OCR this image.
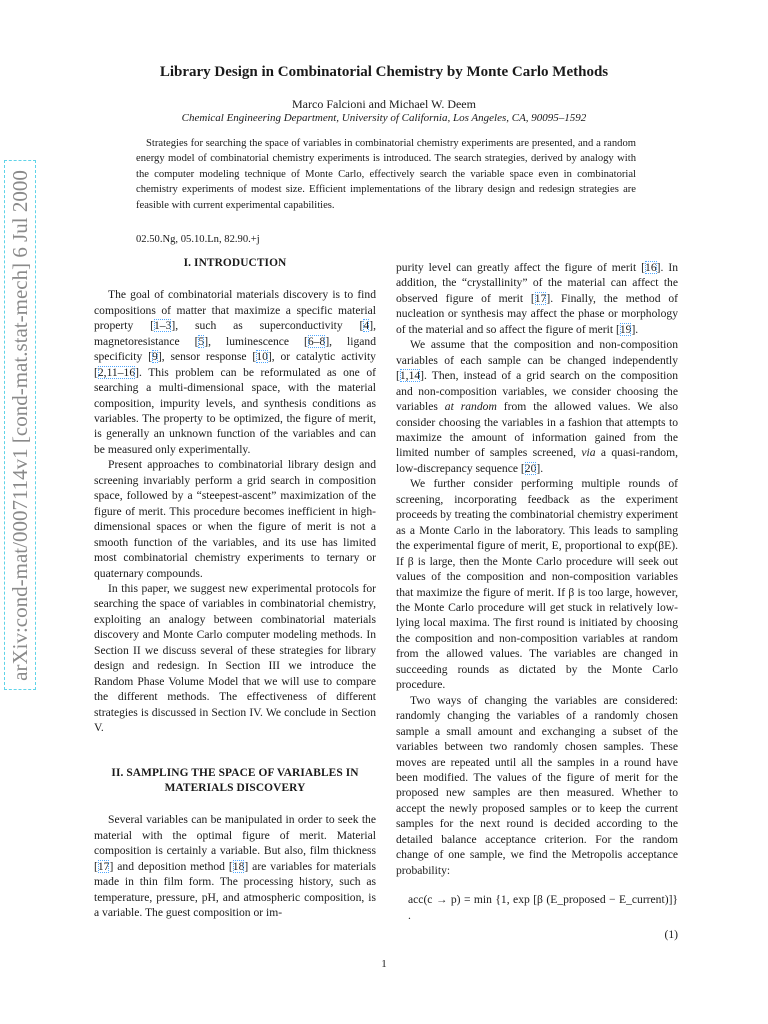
arXiv:cond-mat/0007114v1 [cond-mat.stat-mech] 6 Jul 2000
Library Design in Combinatorial Chemistry by Monte Carlo Methods
Marco Falcioni and Michael W. Deem
Chemical Engineering Department, University of California, Los Angeles, CA, 90095–1592

Strategies for searching the space of variables in combinatorial chemistry experiments are presented, and a random energy model of combinatorial chemistry experiments is introduced. The search strategies, derived by analogy with the computer modeling technique of Monte Carlo, effectively search the variable space even in combinatorial chemistry experiments of modest size. Efficient implementations of the library design and redesign strategies are feasible with current experimental capabilities.

02.50.Ng, 05.10.Ln, 82.90.+j
I. INTRODUCTION

The goal of combinatorial materials discovery is to find compositions of matter that maximize a specific material property [1–3], such as superconductivity [4], magnetoresistance [5], luminescence [6–8], ligand specificity [9], sensor response [10], or catalytic activity [2,11–16]. This problem can be reformulated as one of searching a multi-dimensional space, with the material composition, impurity levels, and synthesis conditions as variables. The property to be optimized, the figure of merit, is generally an unknown function of the variables and can be measured only experimentally.

Present approaches to combinatorial library design and screening invariably perform a grid search in composition space, followed by a “steepest-ascent” maximization of the figure of merit. This procedure becomes inefficient in high-dimensional spaces or when the figure of merit is not a smooth function of the variables, and its use has limited most combinatorial chemistry experiments to ternary or quaternary compounds.

In this paper, we suggest new experimental protocols for searching the space of variables in combinatorial chemistry, exploiting an analogy between combinatorial materials discovery and Monte Carlo computer modeling methods. In Section II we discuss several of these strategies for library design and redesign. In Section III we introduce the Random Phase Volume Model that we will use to compare the different methods. The effectiveness of different strategies is discussed in Section IV. We conclude in Section V.

II. SAMPLING THE SPACE OF VARIABLES IN
MATERIALS DISCOVERY

Several variables can be manipulated in order to seek the material with the optimal figure of merit. Material composition is certainly a variable. But also, film thickness [17] and deposition method [18] are variables for materials made in thin film form. The processing history, such as temperature, pressure, pH, and atmospheric composition, is a variable. The guest composition or im-

purity level can greatly affect the figure of merit [16]. In addition, the “crystallinity” of the material can affect the observed figure of merit [17]. Finally, the method of nucleation or synthesis may affect the phase or morphology of the material and so affect the figure of merit [19].

We assume that the composition and non-composition variables of each sample can be changed independently [1,14]. Then, instead of a grid search on the composition and non-composition variables, we consider choosing the variables at random from the allowed values. We also consider choosing the variables in a fashion that attempts to maximize the amount of information gained from the limited number of samples screened, via a quasi-random, low-discrepancy sequence [20].

We further consider performing multiple rounds of screening, incorporating feedback as the experiment proceeds by treating the combinatorial chemistry experiment as a Monte Carlo in the laboratory. This leads to sampling the experimental figure of merit, E, proportional to exp(βE). If β is large, then the Monte Carlo procedure will seek out values of the composition and non-composition variables that maximize the figure of merit. If β is too large, however, the Monte Carlo procedure will get stuck in relatively low-lying local maxima. The first round is initiated by choosing the composition and non-composition variables at random from the allowed values. The variables are changed in succeeding rounds as dictated by the Monte Carlo procedure.

Two ways of changing the variables are considered: randomly changing the variables of a randomly chosen sample a small amount and exchanging a subset of the variables between two randomly chosen samples. These moves are repeated until all the samples in a round have been modified. The values of the figure of merit for the proposed new samples are then measured. Whether to accept the newly proposed samples or to keep the current samples for the next round is decided according to the detailed balance acceptance criterion. For the random change of one sample, we find the Metropolis acceptance probability:

acc(c → p) = min {1, exp [β (E_proposed − E_current)]} .
(1)
1
